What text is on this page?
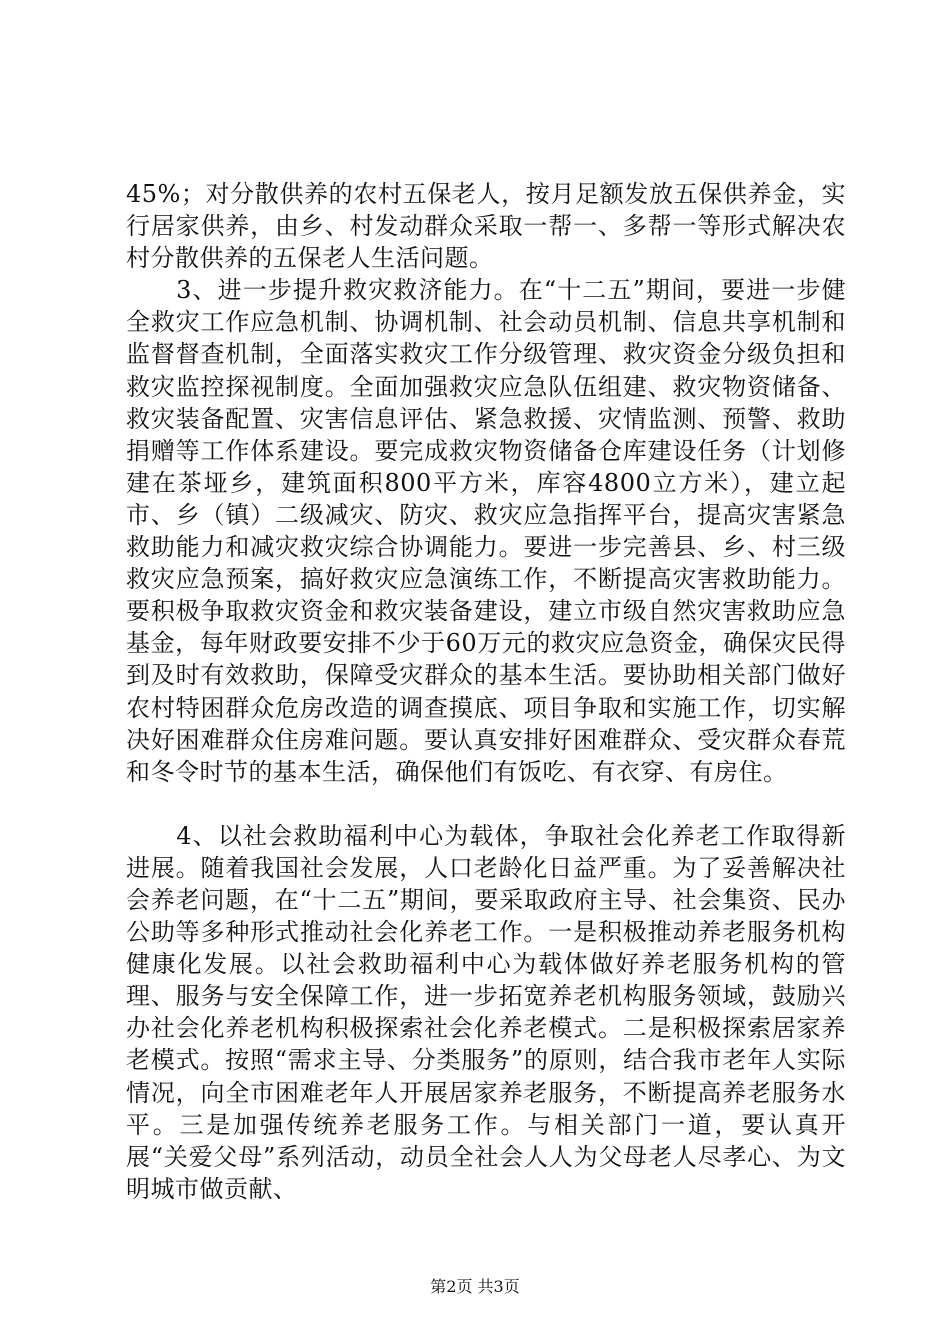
45%；对分散供养的农村五保老人，按月足额发放五保供养金，实行居家供养，由乡、村发动群众采取一帮一、多帮一等形式解决农村分散供养的五保老人生活问题。

　　3、进一步提升救灾救济能力。在“十二五”期间，要进一步健全救灾工作应急机制、协调机制、社会动员机制、信息共享机制和监督督查机制，全面落实救灾工作分级管理、救灾资金分级负担和救灾监控探视制度。全面加强救灾应急队伍组建、救灾物资储备、救灾装备配置、灾害信息评估、紧急救援、灾情监测、预警、救助捐赠等工作体系建设。要完成救灾物资储备仓库建设任务（计划修建在茶垭乡，建筑面积800平方米，库容4800立方米），建立起市、乡（镇）二级减灾、防灾、救灾应急指挥平台，提高灾害紧急救助能力和减灾救灾综合协调能力。要进一步完善县、乡、村三级救灾应急预案，搞好救灾应急演练工作，不断提高灾害救助能力。要积极争取救灾资金和救灾装备建设，建立市级自然灾害救助应急基金，每年财政要安排不少于60万元的救灾应急资金，确保灾民得到及时有效救助，保障受灾群众的基本生活。要协助相关部门做好农村特困群众危房改造的调查摸底、项目争取和实施工作，切实解决好困难群众住房难问题。要认真安排好困难群众、受灾群众春荒和冬令时节的基本生活，确保他们有饭吃、有衣穿、有房住。

　　4、以社会救助福利中心为载体，争取社会化养老工作取得新进展。随着我国社会发展，人口老龄化日益严重。为了妥善解决社会养老问题，在“十二五”期间，要采取政府主导、社会集资、民办公助等多种形式推动社会化养老工作。一是积极推动养老服务机构健康化发展。以社会救助福利中心为载体做好养老服务机构的管理、服务与安全保障工作，进一步拓宽养老机构服务领域，鼓励兴办社会化养老机构积极探索社会化养老模式。二是积极探索居家养老模式。按照“需求主导、分类服务”的原则，结合我市老年人实际情况，向全市困难老年人开展居家养老服务，不断提高养老服务水平。三是加强传统养老服务工作。与相关部门一道，要认真开展“关爱父母”系列活动，动员全社会人人为父母老人尽孝心、为文明城市做贡献、

第2页 共3页
